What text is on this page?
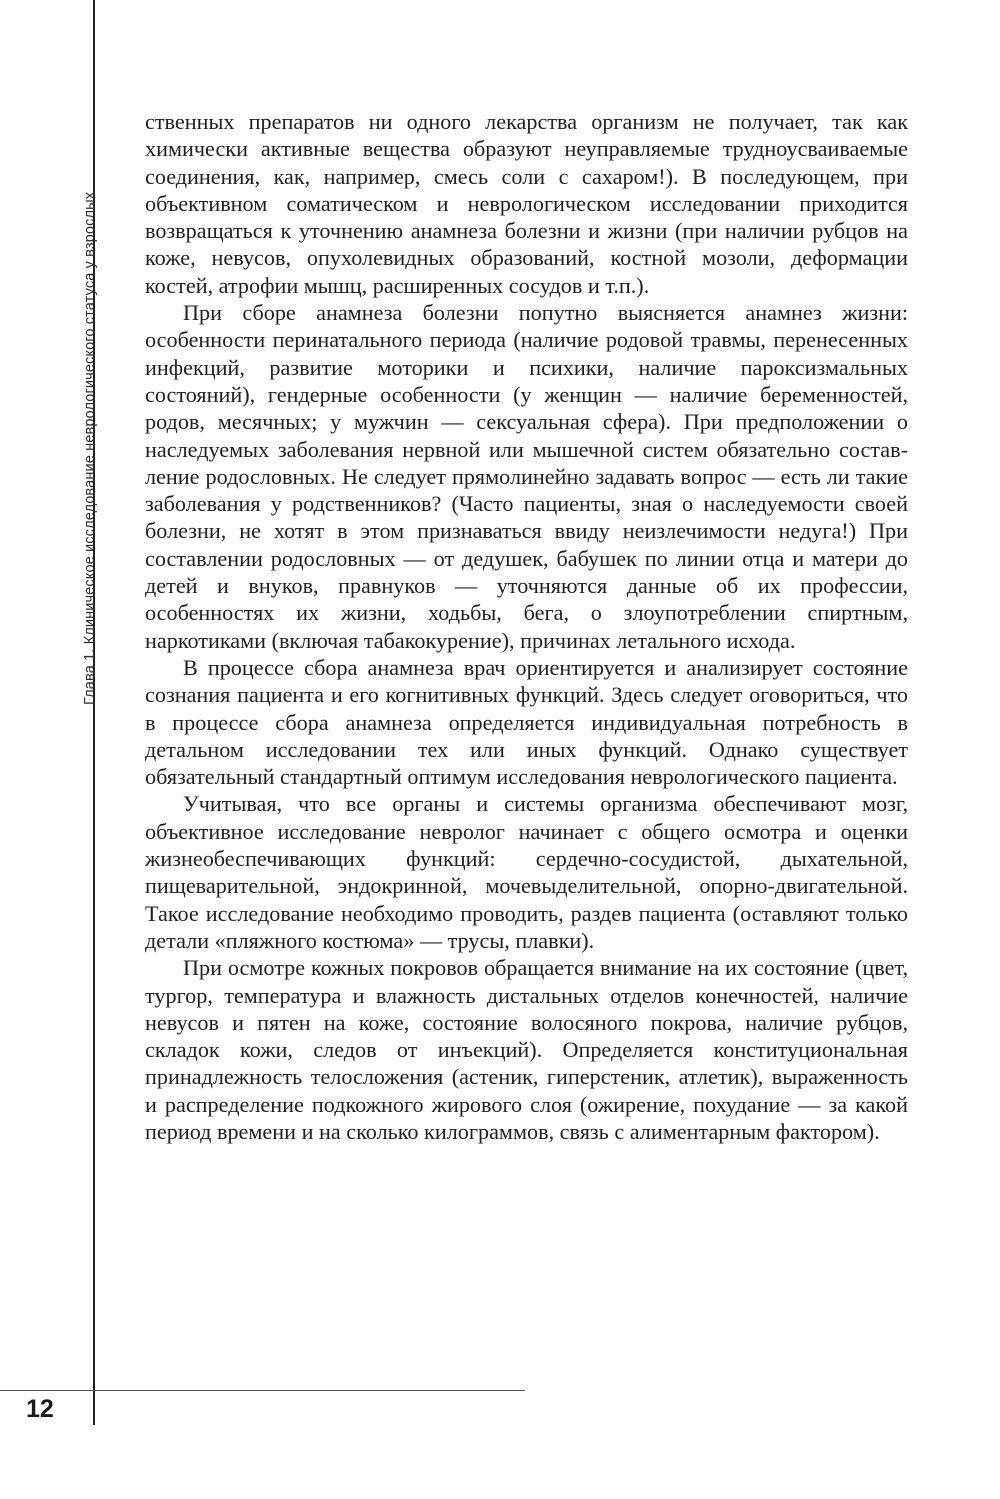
Глава 1. Клиническое исследование неврологического статуса у взрослых

ственных препаратов ни одного лекарства организм не получает, так как химически активные вещества образуют неуправляемые трудноусваиваемые соединения, как, например, смесь соли с сахаром!). В последующем, при объективном соматическом и неврологическом исследовании приходится возвращаться к уточнению анамнеза болезни и жизни (при наличии рубцов на коже, невусов, опухолевидных образований, костной мозоли, деформации костей, атрофии мышц, расширенных сосудов и т.п.).

При сборе анамнеза болезни попутно выясняется анамнез жизни: особенности перинатального периода (наличие родовой травмы, перенесенных инфекций, развитие моторики и психики, наличие пароксизмальных состояний), гендерные особенности (у женщин — наличие беременностей, родов, месячных; у мужчин — сексуальная сфера). При предположении о наследуемых заболевания нервной или мышечной систем обязательно составление родословных. Не следует прямолинейно задавать вопрос — есть ли такие заболевания у родственников? (Часто пациенты, зная о наследуемости своей болезни, не хотят в этом признаваться ввиду неизлечимости недуга!) При составлении родословных — от дедушек, бабушек по линии отца и матери до детей и внуков, правнуков — уточняются данные об их профессии, особенностях их жизни, ходьбы, бега, о злоупотреблении спиртным, наркотиками (включая табакокурение), причинах летального исхода.

В процессе сбора анамнеза врач ориентируется и анализирует состояние сознания пациента и его когнитивных функций. Здесь следует оговориться, что в процессе сбора анамнеза определяется индивидуальная потребность в детальном исследовании тех или иных функций. Однако существует обязательный стандартный оптимум исследования неврологического пациента.

Учитывая, что все органы и системы организма обеспечивают мозг, объективное исследование невролог начинает с общего осмотра и оценки жизнеобеспечивающих функций: сердечно-сосудистой, дыхательной, пищеварительной, эндокринной, мочевыделительной, опорно-двигательной. Такое исследование необходимо проводить, раздев пациента (оставляют только детали «пляжного костюма» — трусы, плавки).

При осмотре кожных покровов обращается внимание на их состояние (цвет, тургор, температура и влажность дистальных отделов конечностей, наличие невусов и пятен на коже, состояние волосяного покрова, наличие рубцов, складок кожи, следов от инъекций). Определяется конституциональная принадлежность телосложения (астеник, гиперстеник, атлетик), выраженность и распределение подкожного жирового слоя (ожирение, похудание — за какой период времени и на сколько килограммов, связь с алиментарным фактором).

12
